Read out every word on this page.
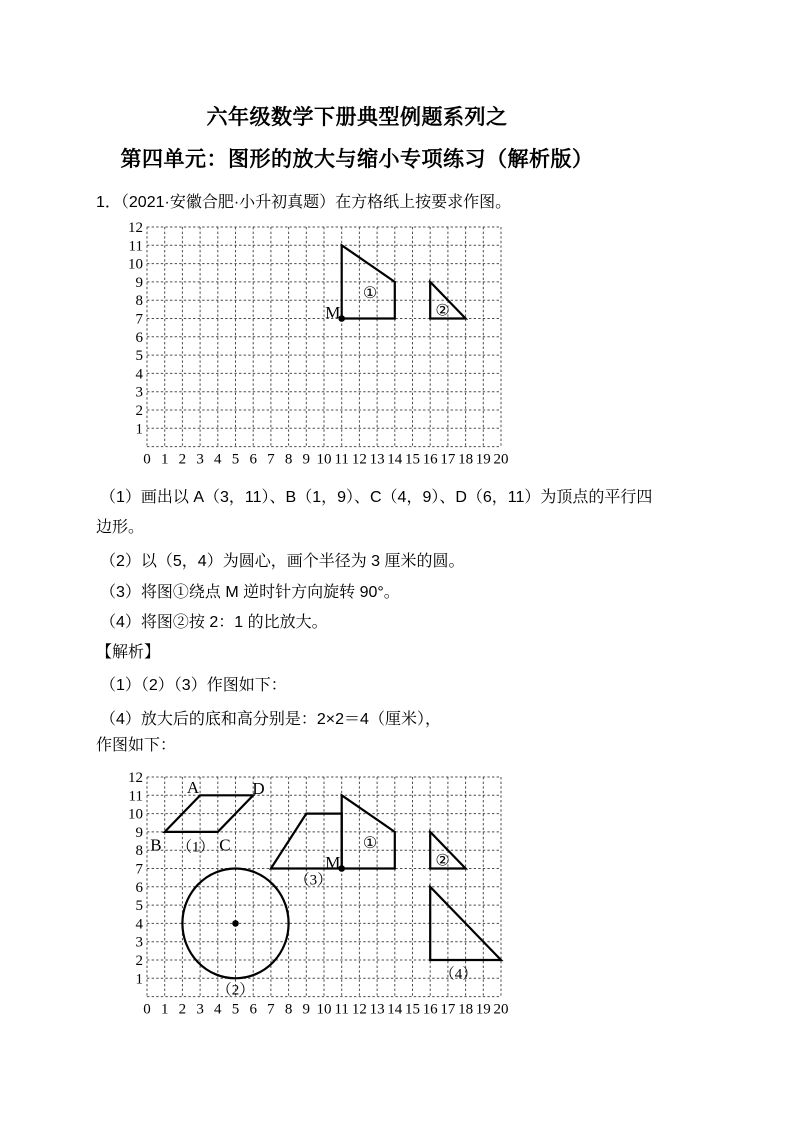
六年级数学下册典型例题系列之
第四单元：图形的放大与缩小专项练习（解析版）
1．（2021·安徽合肥·小升初真题）在方格纸上按要求作图。
0 1 2 3 4 5 6 7 8 9 10 11 12 13 14 15 16 17 18 19 20
1
2
3
4
5
6
7
8
9
10
11
12
①
②
M
（1）画出以 A（3，11）、B（1，9）、C（4，9）、D（6，11）为顶点的平行四
边形。
（2）以（5，4）为圆心，画个半径为 3 厘米的圆。
（3）将图①绕点 M 逆时针方向旋转 90°。
（4）将图②按 2：1 的比放大。
【解析】
（1）（2）（3）作图如下：
（4）放大后的底和高分别是：2×2＝4（厘米），
作图如下：
0 1 2 3 4 5 6 7 8 9 10 11 12 13 14 15 16 17 18 19 20
1
2
3
4
5
6
7
8
9
10
11
12	A	D
B	C
（1）
（2）
（3）
（4）
①
②
M
